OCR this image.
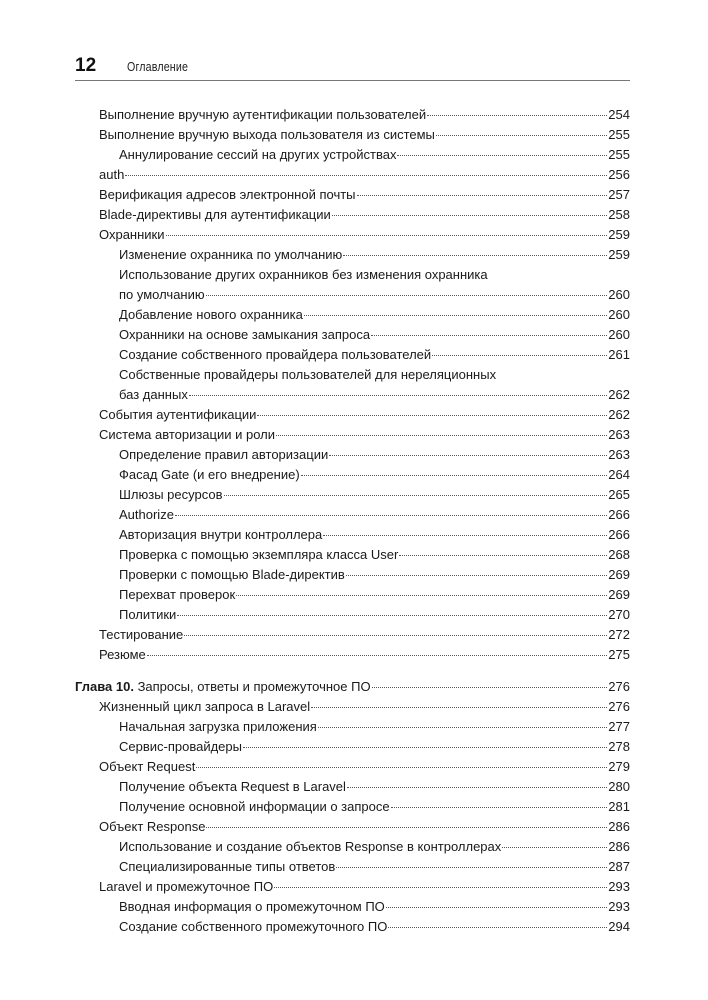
12 Оглавление
Выполнение вручную аутентификации пользователей	254
Выполнение вручную выхода пользователя из системы	255
Аннулирование сессий на других устройствах	255
auth	256
Верификация адресов электронной почты	257
Blade-директивы для аутентификации	258
Охранники	259
Изменение охранника по умолчанию	259
Использование других охранников без изменения охранника
по умолчанию	260
Добавление нового охранника	260
Охранники на основе замыкания запроса	260
Создание собственного провайдера пользователей	261
Собственные провайдеры пользователей для нереляционных
баз данных	262
События аутентификации	262
Система авторизации и роли	263
Определение правил авторизации	263
Фасад Gate (и его внедрение)	264
Шлюзы ресурсов	265
Authorize	266
Авторизация внутри контроллера	266
Проверка с помощью экземпляра класса User	268
Проверки с помощью Blade-директив	269
Перехват проверок	269
Политики	270
Тестирование	272
Резюме	275
Глава 10. Запросы, ответы и промежуточное ПО	276
Жизненный цикл запроса в Laravel	276
Начальная загрузка приложения	277
Сервис-провайдеры	278
Объект Request	279
Получение объекта Request в Laravel	280
Получение основной информации о запросе	281
Объект Response	286
Использование и создание объектов Response в контроллерах	286
Специализированные типы ответов	287
Laravel и промежуточное ПО	293
Вводная информация о промежуточном ПО	293
Создание собственного промежуточного ПО	294
